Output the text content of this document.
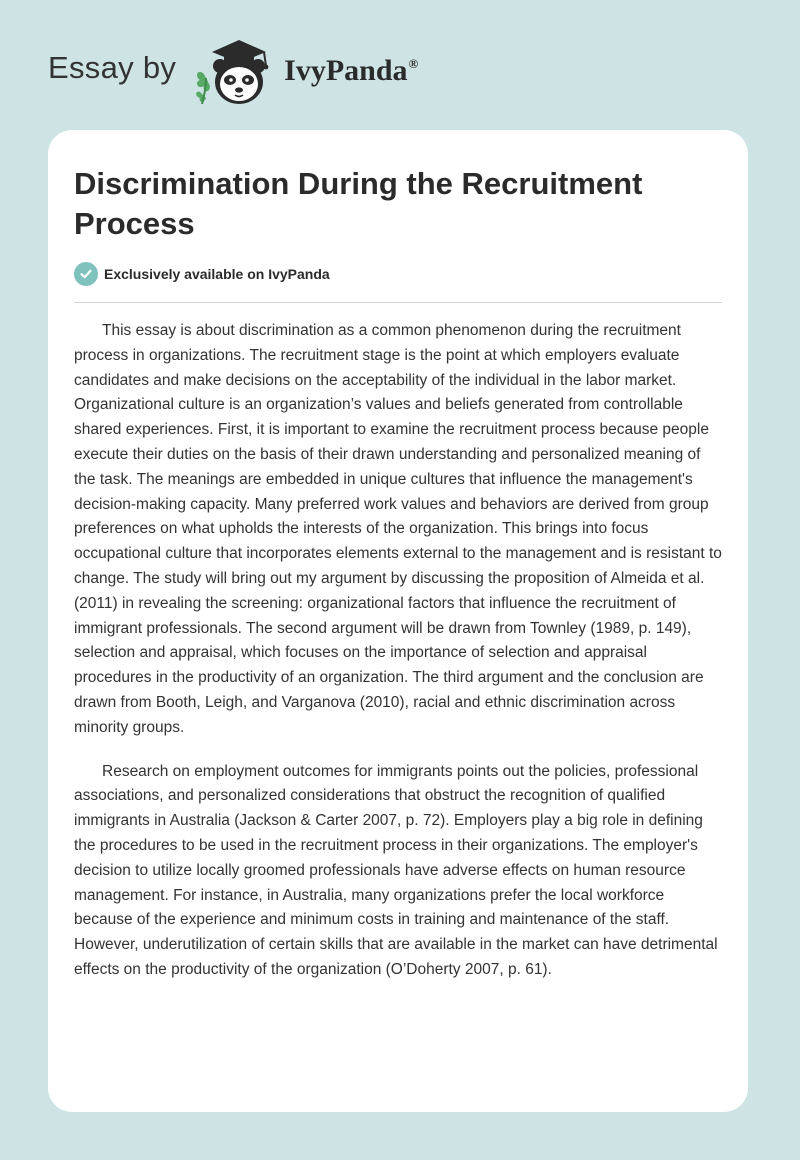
Essay by	IvyPanda®
Discrimination During the Recruitment Process
Exclusively available on IvyPanda

This essay is about discrimination as a common phenomenon during the recruitment process in organizations. The recruitment stage is the point at which employers evaluate candidates and make decisions on the acceptability of the individual in the labor market. Organizational culture is an organization’s values and beliefs generated from controllable shared experiences. First, it is important to examine the recruitment process because people execute their duties on the basis of their drawn understanding and personalized meaning of the task. The meanings are embedded in unique cultures that influence the management's decision-making capacity. Many preferred work values and behaviors are derived from group preferences on what upholds the interests of the organization. This brings into focus occupational culture that incorporates elements external to the management and is resistant to change. The study will bring out my argument by discussing the proposition of Almeida et al. (2011) in revealing the screening: organizational factors that influence the recruitment of immigrant professionals. The second argument will be drawn from Townley (1989, p. 149), selection and appraisal, which focuses on the importance of selection and appraisal procedures in the productivity of an organization. The third argument and the conclusion are drawn from Booth, Leigh, and Varganova (2010), racial and ethnic discrimination across minority groups.

Research on employment outcomes for immigrants points out the policies, professional associations, and personalized considerations that obstruct the recognition of qualified immigrants in Australia (Jackson & Carter 2007, p. 72). Employers play a big role in defining the procedures to be used in the recruitment process in their organizations. The employer's decision to utilize locally groomed professionals have adverse effects on human resource management. For instance, in Australia, many organizations prefer the local workforce because of the experience and minimum costs in training and maintenance of the staff. However, underutilization of certain skills that are available in the market can have detrimental effects on the productivity of the organization (O’Doherty 2007, p. 61).
